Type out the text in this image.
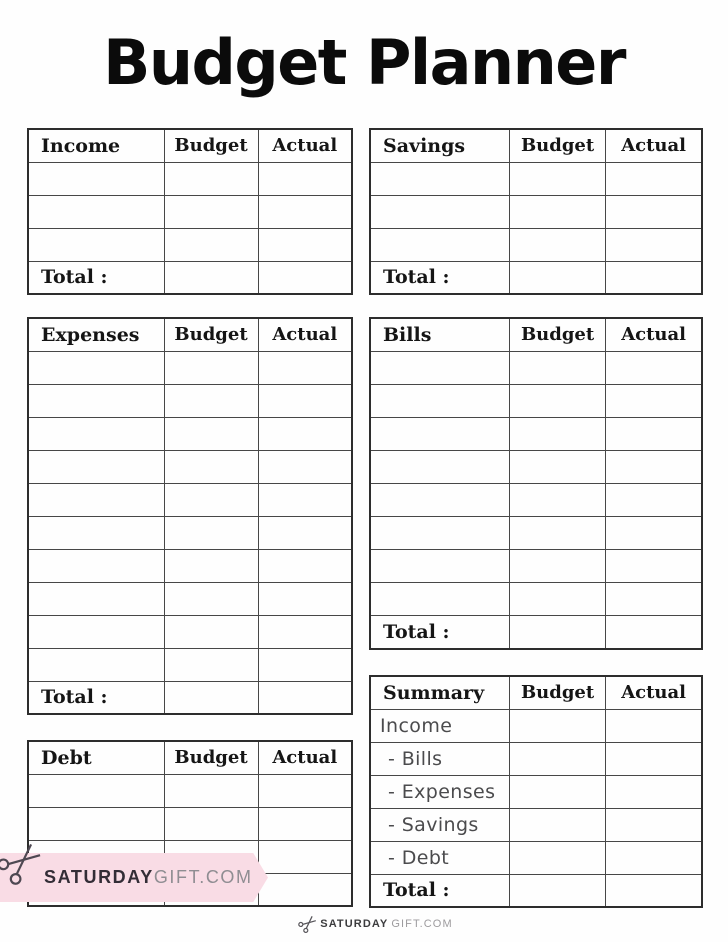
Budget Planner
Income	Budget	Actual

Total :		
Savings	Budget	Actual

Total :		
Expenses	Budget	Actual

Total :		
Bills	Budget	Actual

Total :		
Debt	Budget	Actual

Summary	Budget	Actual
Income		
- Bills		
- Expenses		
- Savings		
- Debt		
Total :		
SATURDAYGIFT.COM
SATURDAY GIFT.COM
